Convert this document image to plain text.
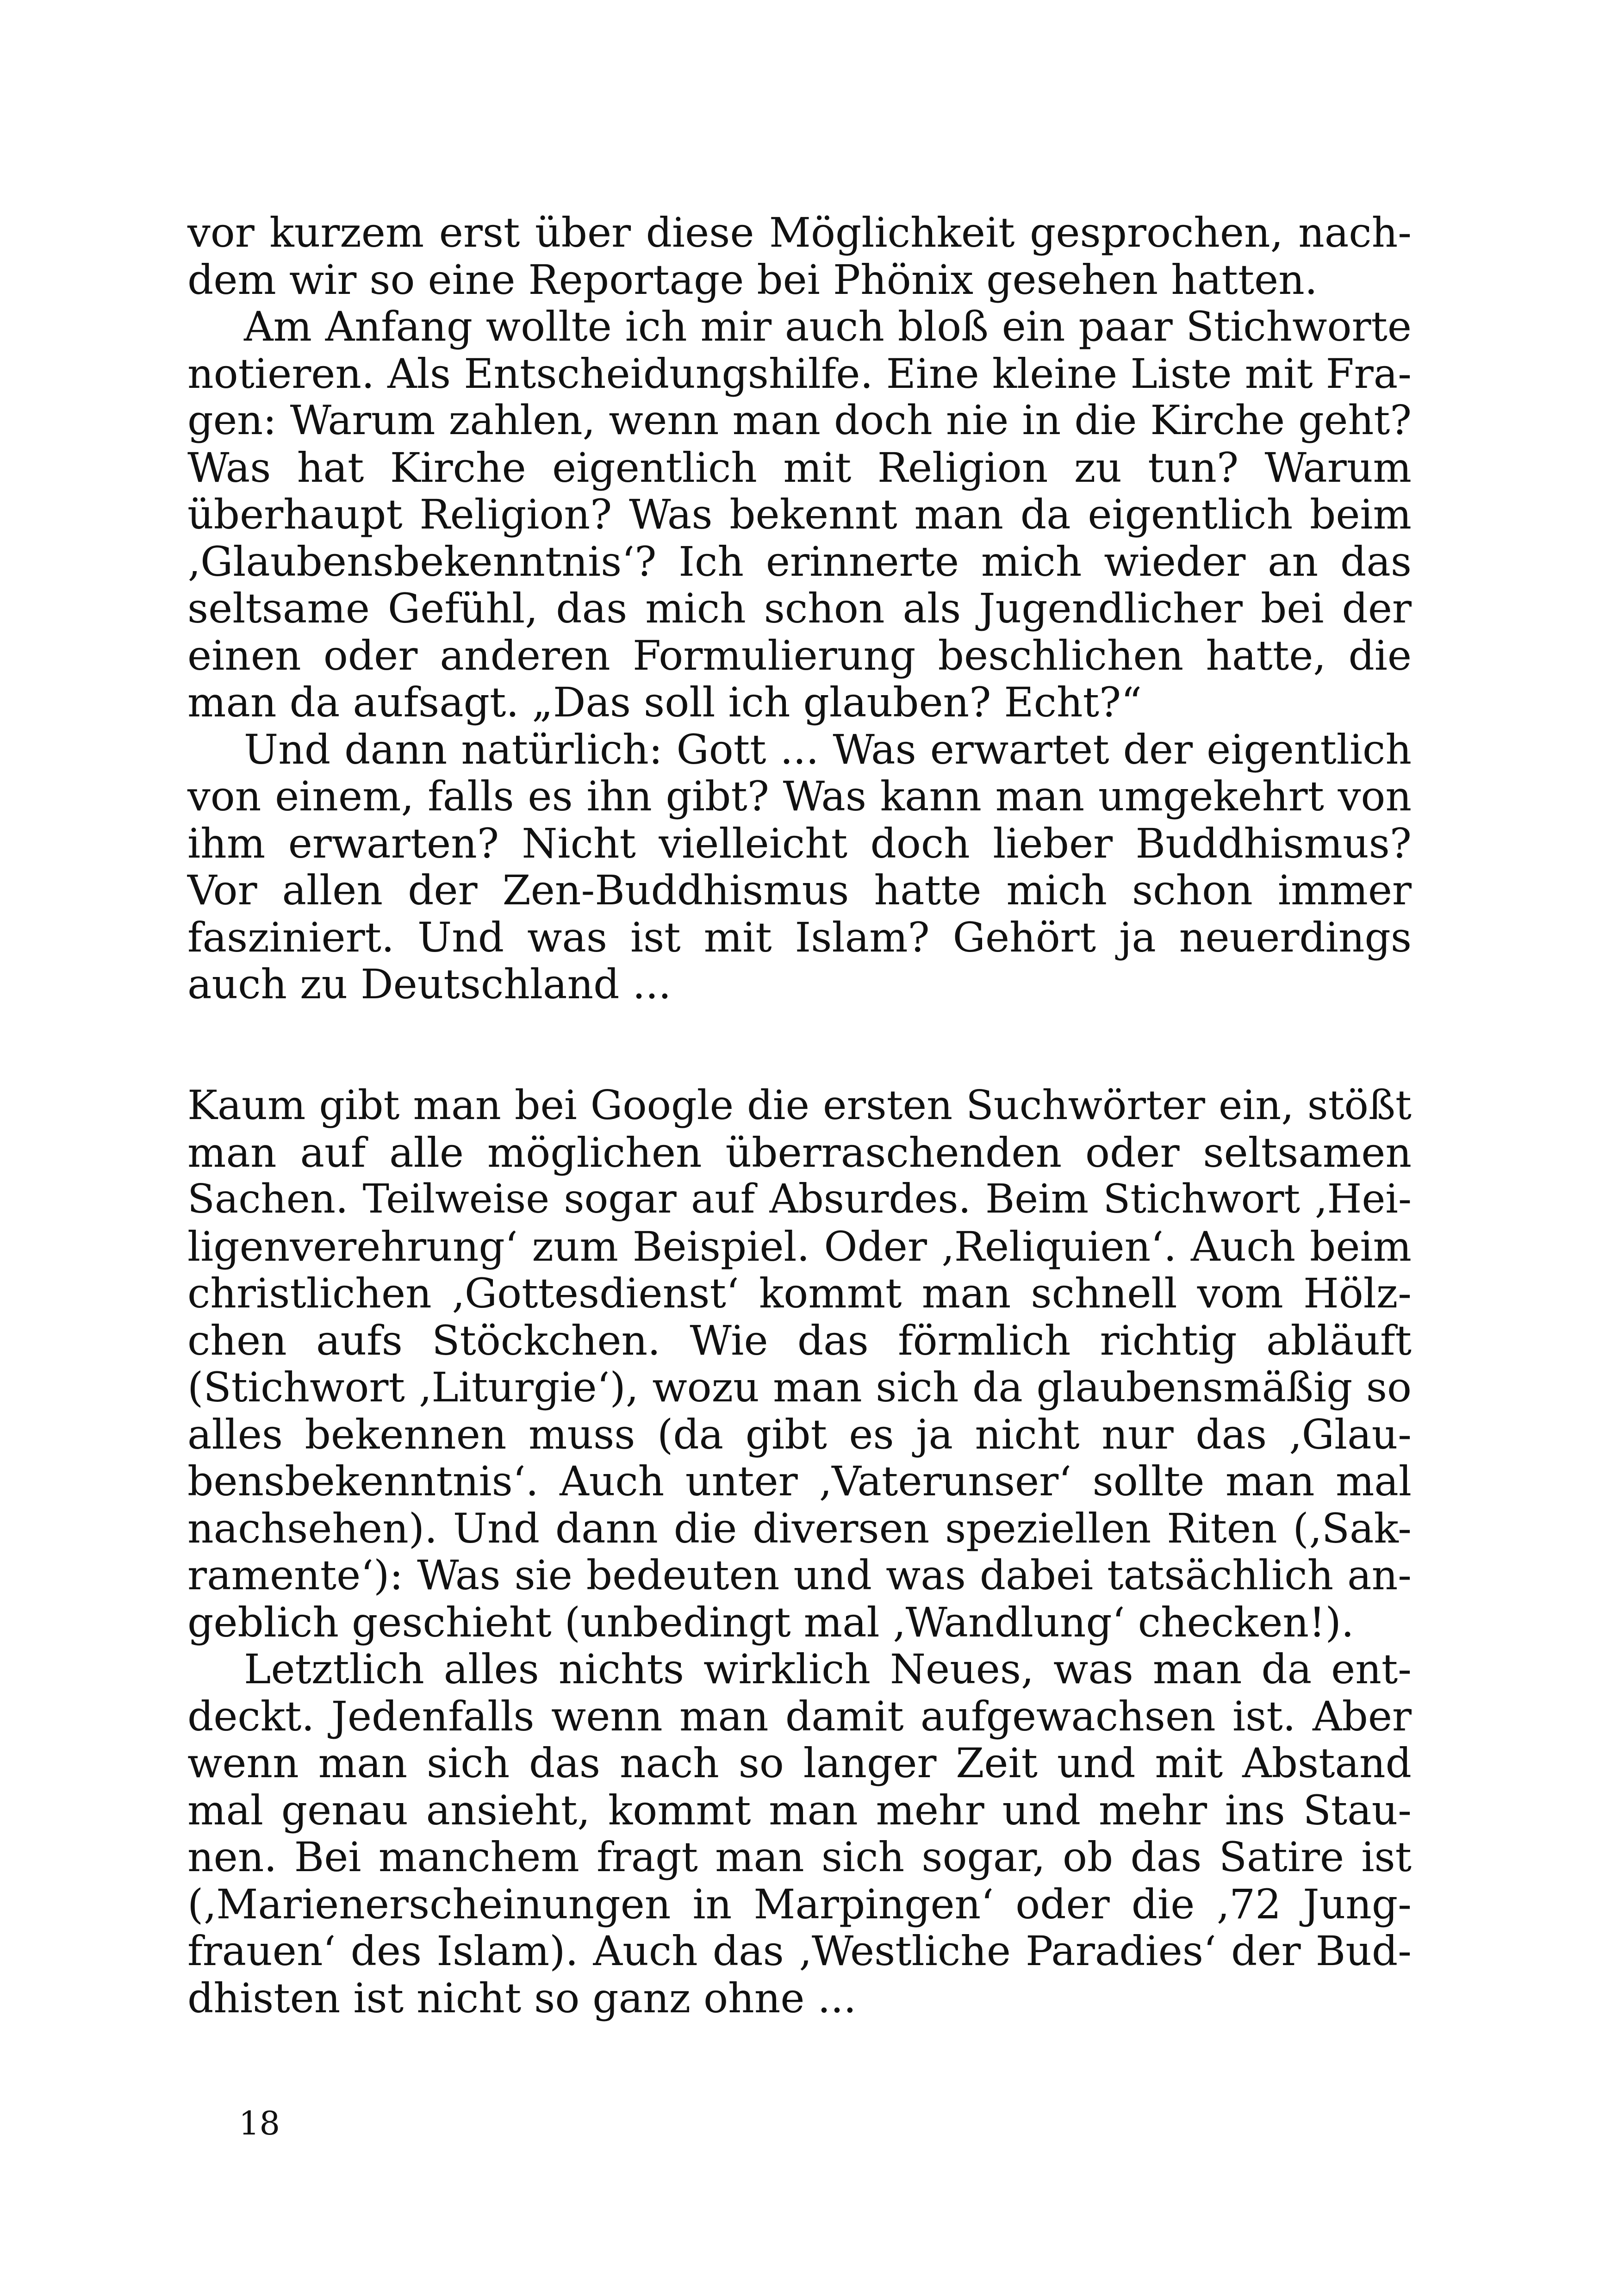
vor kurzem erst über diese Möglichkeit gesprochen, nach-
dem wir so eine Reportage bei Phönix gesehen hatten.
Am Anfang wollte ich mir auch bloß ein paar Stichworte
notieren. Als Entscheidungshilfe. Eine kleine Liste mit Fra-
gen: Warum zahlen, wenn man doch nie in die Kirche geht?
Was hat Kirche eigentlich mit Religion zu tun? Warum
überhaupt Religion? Was bekennt man da eigentlich beim
‚Glaubensbekenntnis‘? Ich erinnerte mich wieder an das
seltsame Gefühl, das mich schon als Jugendlicher bei der
einen oder anderen Formulierung beschlichen hatte, die
man da aufsagt. „Das soll ich glauben? Echt?“
Und dann natürlich: Gott ... Was erwartet der eigentlich
von einem, falls es ihn gibt? Was kann man umgekehrt von
ihm erwarten? Nicht vielleicht doch lieber Buddhismus?
Vor allen der Zen-Buddhismus hatte mich schon immer
fasziniert. Und was ist mit Islam? Gehört ja neuerdings
auch zu Deutschland ...
Kaum gibt man bei Google die ersten Suchwörter ein, stößt
man auf alle möglichen überraschenden oder seltsamen
Sachen. Teilweise sogar auf Absurdes. Beim Stichwort ‚Hei-
ligenverehrung‘ zum Beispiel. Oder ‚Reliquien‘. Auch beim
christlichen ‚Gottesdienst‘ kommt man schnell vom Hölz-
chen aufs Stöckchen. Wie das förmlich richtig abläuft
(Stichwort ‚Liturgie‘), wozu man sich da glaubensmäßig so
alles bekennen muss (da gibt es ja nicht nur das ‚Glau-
bensbekenntnis‘. Auch unter ‚Vaterunser‘ sollte man mal
nachsehen). Und dann die diversen speziellen Riten (‚Sak-
ramente‘): Was sie bedeuten und was dabei tatsächlich an-
geblich geschieht (unbedingt mal ‚Wandlung‘ checken!).
Letztlich alles nichts wirklich Neues, was man da ent-
deckt. Jedenfalls wenn man damit aufgewachsen ist. Aber
wenn man sich das nach so langer Zeit und mit Abstand
mal genau ansieht, kommt man mehr und mehr ins Stau-
nen. Bei manchem fragt man sich sogar, ob das Satire ist
(‚Marienerscheinungen in Marpingen‘ oder die ‚72 Jung-
frauen‘ des Islam). Auch das ‚Westliche Paradies‘ der Bud-
dhisten ist nicht so ganz ohne ...
18
